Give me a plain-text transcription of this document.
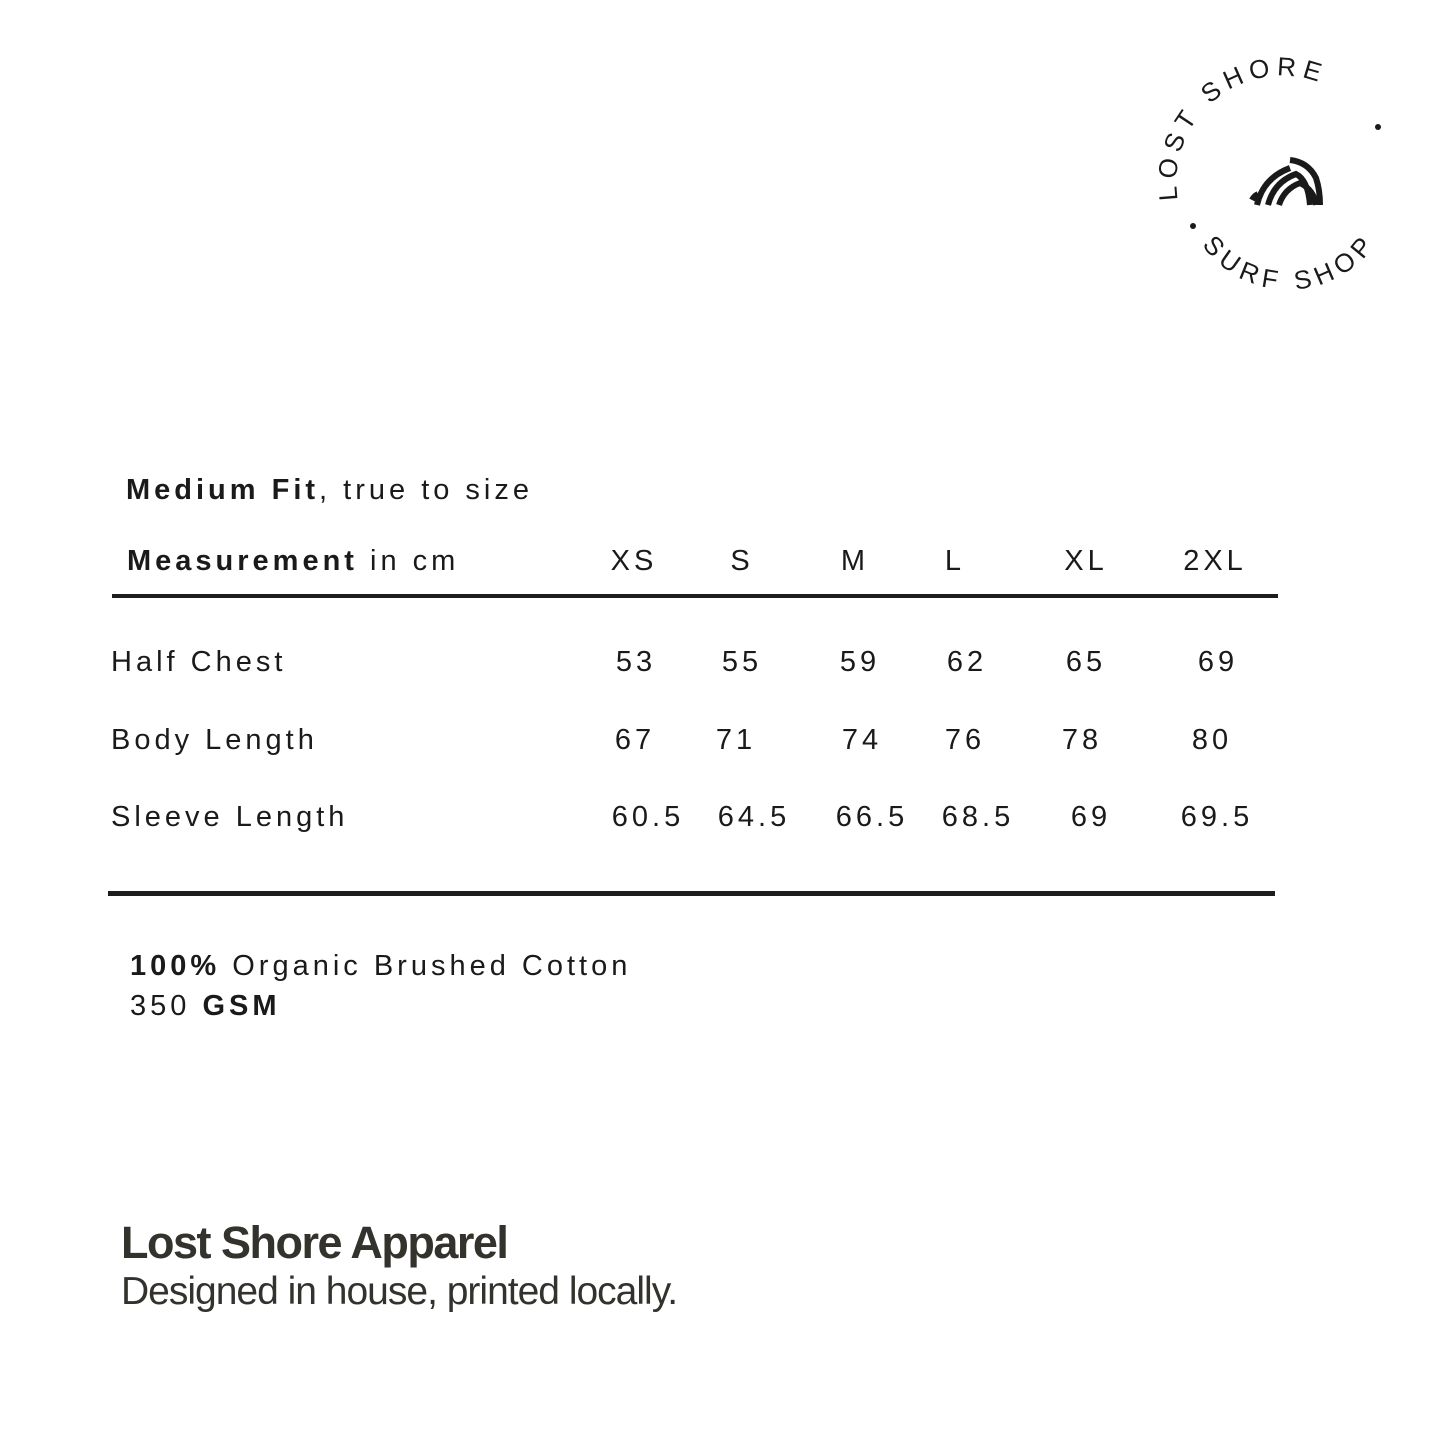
LOST SHORE
SURF SHOP
Medium Fit, true to size
Measurement in cm	XS	S	M	L	XL	2XL
Half Chest	53	55	59	62	65	69
Body Length	67	71	74	76	78	80
Sleeve Length	60.5	64.5	66.5	68.5	69	69.5
100% Organic Brushed Cotton
350 GSM
Lost Shore Apparel
Designed in house, printed locally.
